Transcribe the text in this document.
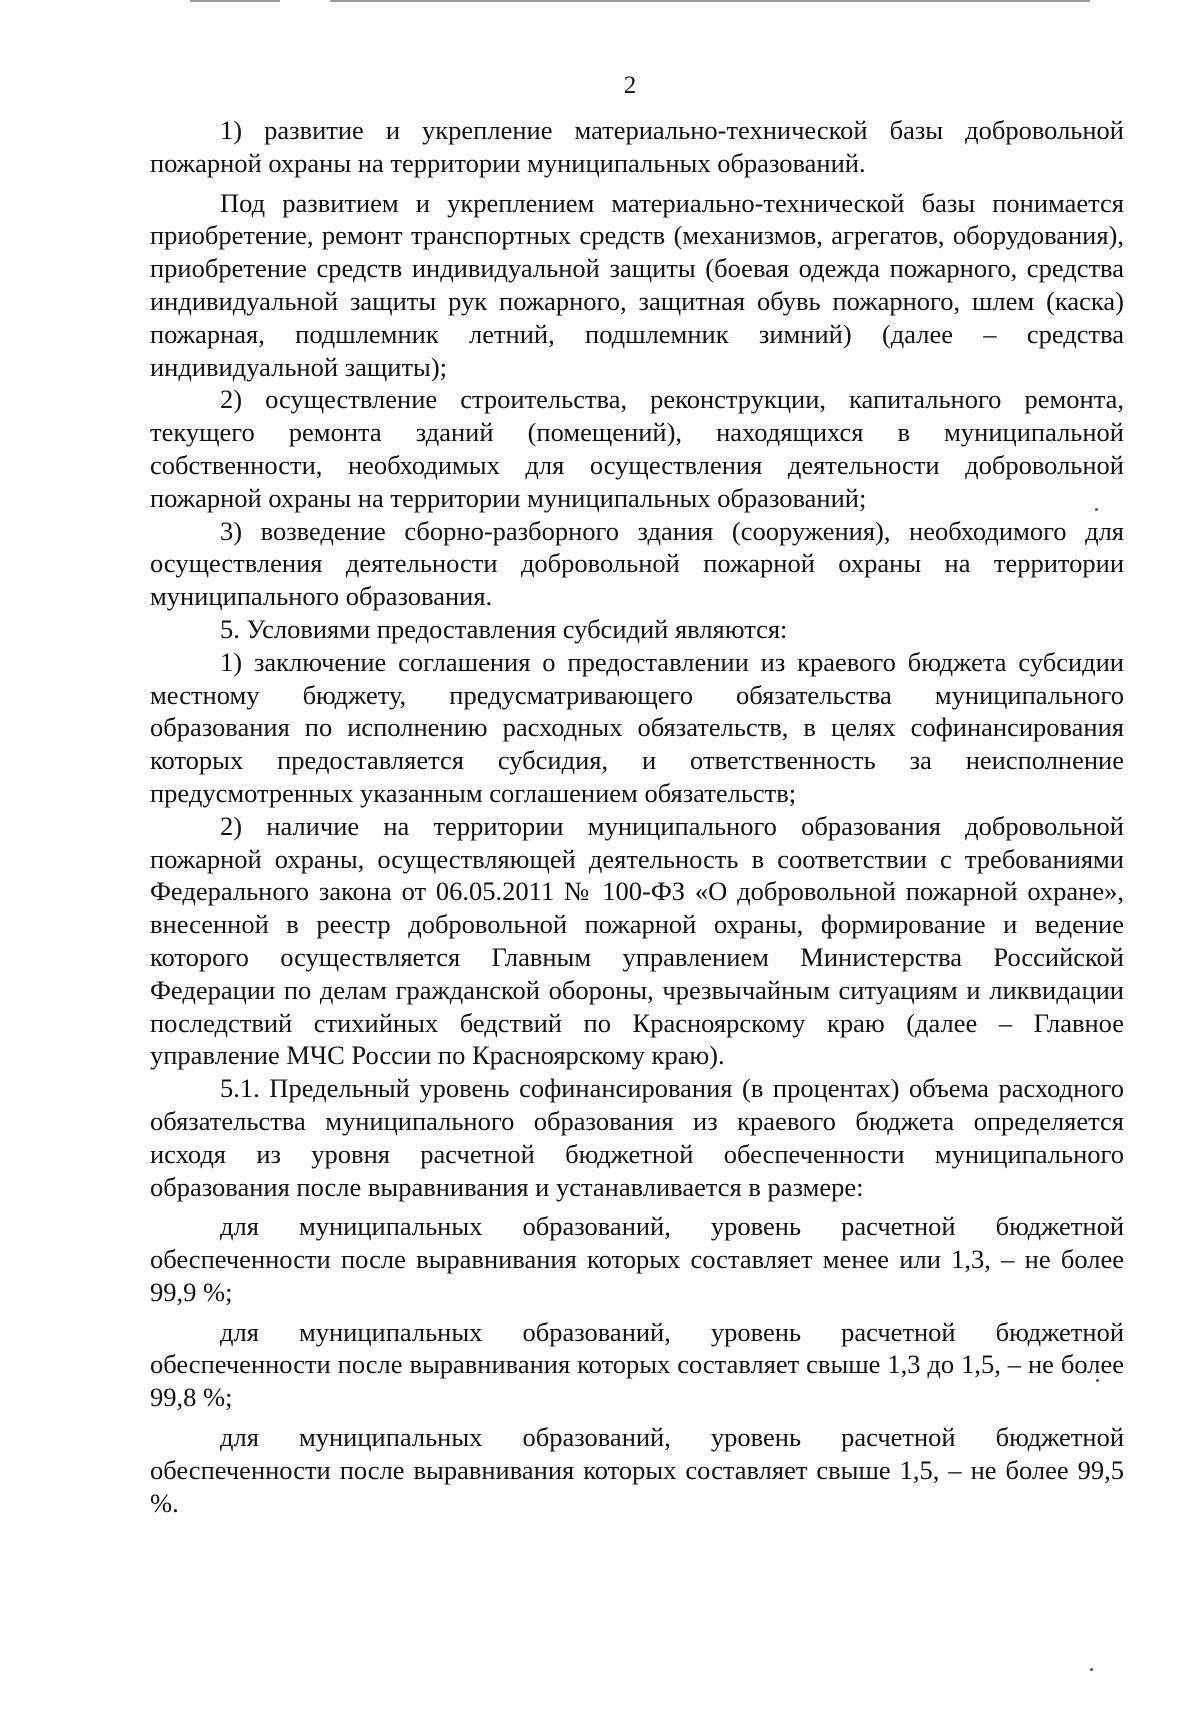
2

1) развитие и укрепление материально-технической базы добровольной пожарной охраны на территории муниципальных образований.

Под развитием и укреплением материально-технической базы понимается приобретение, ремонт транспортных средств (механизмов, агрегатов, оборудования), приобретение средств индивидуальной защиты (боевая одежда пожарного, средства индивидуальной защиты рук пожарного, защитная обувь пожарного, шлем (каска) пожарная, подшлемник летний, подшлемник зимний) (далее – средства индивидуальной защиты);

2) осуществление строительства, реконструкции, капитального ремонта, текущего ремонта зданий (помещений), находящихся в муниципальной собственности, необходимых для осуществления деятельности добровольной пожарной охраны на территории муниципальных образований;

3) возведение сборно-разборного здания (сооружения), необходимого для осуществления деятельности добровольной пожарной охраны на территории муниципального образования.

5. Условиями предоставления субсидий являются:

1) заключение соглашения о предоставлении из краевого бюджета субсидии местному бюджету, предусматривающего обязательства муниципального образования по исполнению расходных обязательств, в целях софинансирования которых предоставляется субсидия, и ответственность за неисполнение предусмотренных указанным соглашением обязательств;

2) наличие на территории муниципального образования добровольной пожарной охраны, осуществляющей деятельность в соответствии с требованиями Федерального закона от 06.05.2011 № 100-ФЗ «О добровольной пожарной охране», внесенной в реестр добровольной пожарной охраны, формирование и ведение которого осуществляется Главным управлением Министерства Российской Федерации по делам гражданской обороны, чрезвычайным ситуациям и ликвидации последствий стихийных бедствий по Красноярскому краю (далее – Главное управление МЧС России по Красноярскому краю).

5.1. Предельный уровень софинансирования (в процентах) объема расходного обязательства муниципального образования из краевого бюджета определяется исходя из уровня расчетной бюджетной обеспеченности муниципального образования после выравнивания и устанавливается в размере:

для муниципальных образований, уровень расчетной бюджетной обеспеченности после выравнивания которых составляет менее или 1,3, – не более 99,9 %;

для муниципальных образований, уровень расчетной бюджетной обеспеченности после выравнивания которых составляет свыше 1,3 до 1,5, – не более 99,8 %;

для муниципальных образований, уровень расчетной бюджетной обеспеченности после выравнивания которых составляет свыше 1,5, – не более 99,5 %.
